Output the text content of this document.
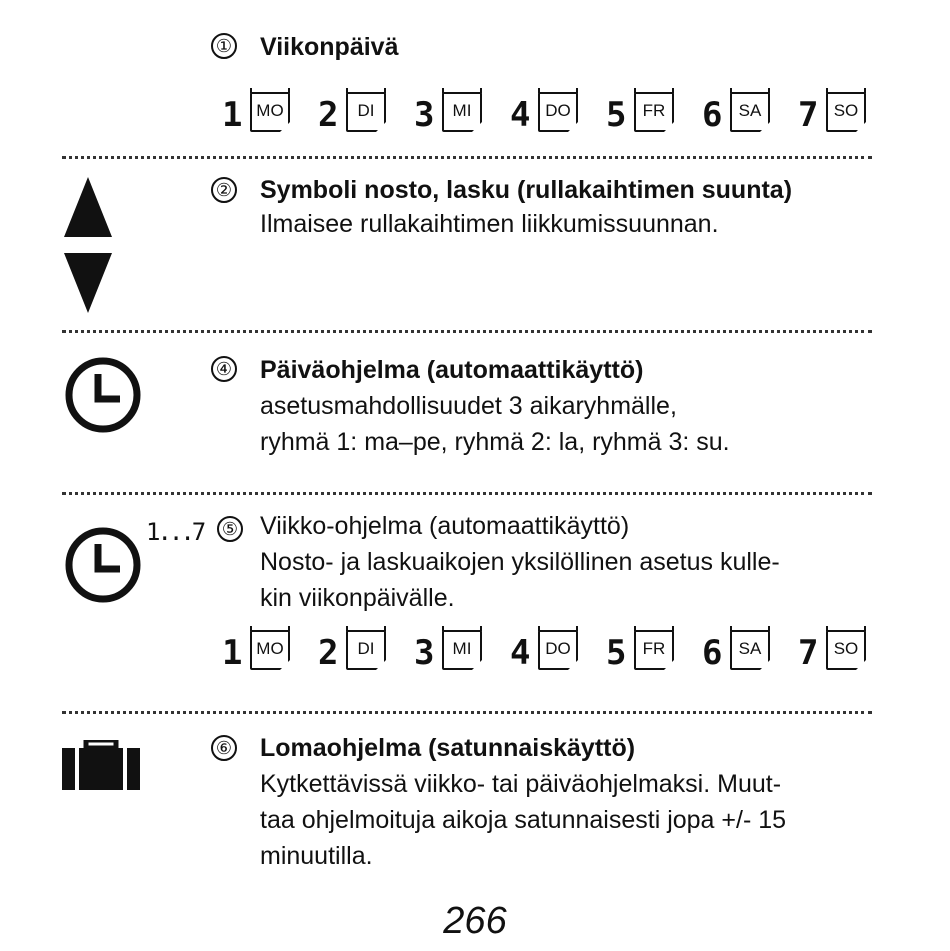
① Viikonpäivä
1 MO 2	DI	3	MI	4 DO 5 FR 6 SA 7 SO
② Symboli nosto, lasku (rullakaihtimen suunta)
Ilmaisee rullakaihtimen liikkumissuunnan.
④ Päiväohjelma (automaattikäyttö)
asetusmahdollisuudet 3 aikaryhmälle,
ryhmä 1: ma–pe, ryhmä 2: la, ryhmä 3: su.
1...7 ⑤ Viikko-ohjelma (automaattikäyttö)
Nosto- ja laskuaikojen yksilöllinen asetus kulle-
kin viikonpäivälle.
1 MO 2	DI	3	MI	4 DO 5 FR 6 SA 7 SO
⑥ Lomaohjelma (satunnaiskäyttö)
Kytkettävissä viikko- tai päiväohjelmaksi. Muut-
taa ohjelmoituja aikoja satunnaisesti jopa +/- 15
minuutilla.
266
